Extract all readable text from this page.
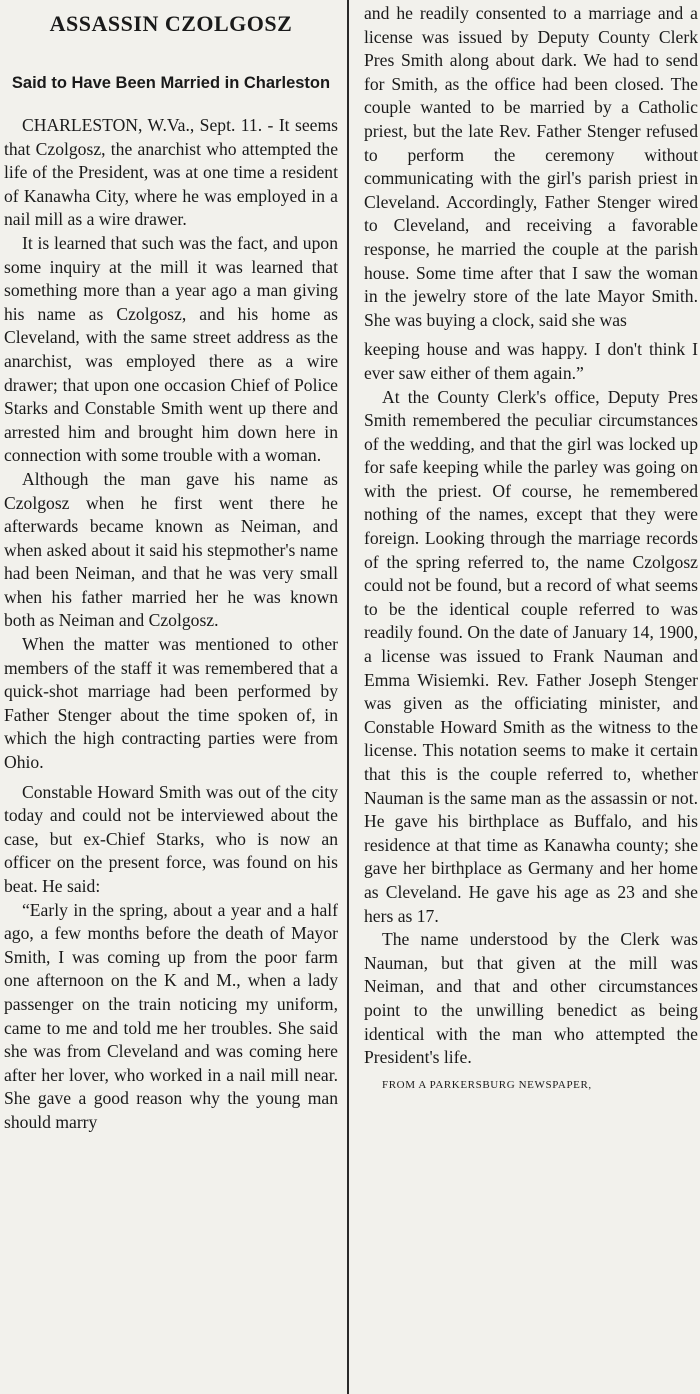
ASSASSIN CZOLGOSZ
Said to Have Been Married in Charleston

CHARLESTON, W.Va., Sept. 11. - It seems that Czolgosz, the anarchist who attempted the life of the President, was at one time a resident of Kanawha City, where he was employed in a nail mill as a wire drawer.

It is learned that such was the fact, and upon some inquiry at the mill it was learned that something more than a year ago a man giving his name as Czolgosz, and his home as Cleveland, with the same street address as the anarchist, was employed there as a wire drawer; that upon one occasion Chief of Police Starks and Constable Smith went up there and arrested him and brought him down here in connection with some trouble with a woman.

Although the man gave his name as Czolgosz when he first went there he afterwards became known as Neiman, and when asked about it said his stepmother's name had been Neiman, and that he was very small when his father married her he was known both as Neiman and Czolgosz.

When the matter was mentioned to other members of the staff it was remembered that a quick-shot marriage had been performed by Father Stenger about the time spoken of, in which the high contracting parties were from Ohio.

Constable Howard Smith was out of the city today and could not be interviewed about the case, but ex-Chief Starks, who is now an officer on the present force, was found on his beat. He said:

“Early in the spring, about a year and a half ago, a few months before the death of Mayor Smith, I was coming up from the poor farm one afternoon on the K and M., when a lady passenger on the train noticing my uniform, came to me and told me her troubles. She said she was from Cleveland and was coming here after her lover, who worked in a nail mill near. She gave a good reason why the young man should marry

and he readily consented to a marriage and a license was issued by Deputy County Clerk Pres Smith along about dark. We had to send for Smith, as the office had been closed. The couple wanted to be married by a Catholic priest, but the late Rev. Father Stenger refused to perform the ceremony without communicating with the girl's parish priest in Cleveland. Accordingly, Father Stenger wired to Cleveland, and receiving a favorable response, he married the couple at the parish house. Some time after that I saw the woman in the jewelry store of the late Mayor Smith. She was buying a clock, said she was

keeping house and was happy. I don't think I ever saw either of them again.”

At the County Clerk's office, Deputy Pres Smith remembered the peculiar circumstances of the wedding, and that the girl was locked up for safe keeping while the parley was going on with the priest. Of course, he remembered nothing of the names, except that they were foreign. Looking through the marriage records of the spring referred to, the name Czolgosz could not be found, but a record of what seems to be the identical couple referred to was readily found. On the date of January 14, 1900, a license was issued to Frank Nauman and Emma Wisiemki. Rev. Father Joseph Stenger was given as the officiating minister, and Constable Howard Smith as the witness to the license. This notation seems to make it certain that this is the couple referred to, whether Nauman is the same man as the assassin or not. He gave his birthplace as Buffalo, and his residence at that time as Kanawha county; she gave her birthplace as Germany and her home as Cleveland. He gave his age as 23 and she hers as 17.

The name understood by the Clerk was Nauman, but that given at the mill was Neiman, and that and other circumstances point to the unwilling benedict as being identical with the man who attempted the President's life.

FROM A PARKERSBURG NEWSPAPER,
